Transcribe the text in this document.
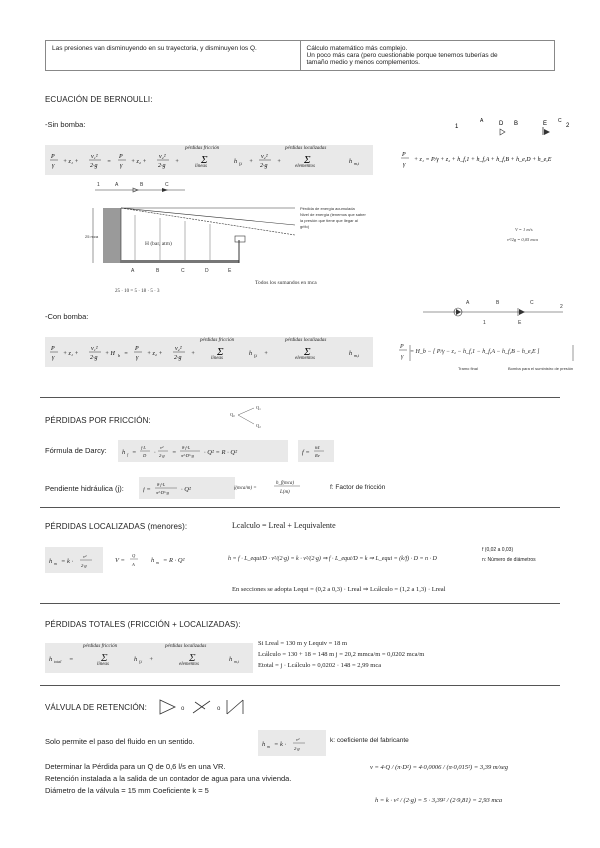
Las presiones van disminuyendo en su trayectoria, y disminuyen los Q.	Cálculo matemático más complejo.
Un poco más cara (pero cuestionable porque tenemos tuberías de
tamaño medio y menos complementos.
ECUACIÓN DE BERNOULLI:
-Sin bomba:	1
A	D B	E C
2
P
γ
+ z₁ +
v₁²
2·g
=
P
γ
+ z₂ +
v₂²
2·g
+ Σ	h f,i +
v₂²
2·g
+ Σ	h m,i
pérdidas fricción
líneas
pérdidas localizadas
elementos
P
γ
+ z₁ = P/γ + z₂ + h_f,1 + h_f,A + h_f,B + h_e,D + h_e,E
1	A	B	C
25 mca
A	B	C	D	E
Pérdida de energía acumulada
Nivel de energía (tenemos que saber
la presión que tiene que llegar al
grifo)
H (bar, atm)
25 · 10 = 5 · 18 · 5 · 3
Todos los sumandos en mca
V = 1 m/s
v²/2g = 0,05 mca
-Con bomba:
A	B	C
2
1	E
P
γ
+ z₁ +
v₁²
2·g
+ H b =
P
γ
+ z₂ +
v₂²
2·g
+ Σ	h f,i +	Σ	h m,i
pérdidas fricción
líneas
pérdidas localizadas
elementos
P
γ
= H_b − [ P/γ − z₂ − h_f,1 − h_f,A − h_f,B − h_e,E ]
Tramo final	Bomba para el suministro de presión
PÉRDIDAS POR FRICCIÓN:
Q₀
Q₁
Q₂
Fórmula de Darcy: h f =
f·L
D ·
v²
2·g =
8·f·L
π²·D⁵·g · Q² = R · Q²	f =
64
Re
Pendiente hidráulica (j):	j =
8·f·L
π²·D⁵·g · Q²	j(mca/m) =
h_f(mca)
L(m)
f: Factor de fricción
PÉRDIDAS LOCALIZADAS (menores):	Lcalculo = Lreal + Lequivalente
h m = k ·
v²
2·g
V =
Q
A
h m = R · Q²	h = f · L_equi/D · v²/(2·g) = k · v²/(2·g) ⇒ f · L_equi/D = k ⇒ L_equi = (k/f) · D = n · D
f (0,02 a 0,03)
n: Número de diámetros
En secciones se adopta Lequi = (0,2 a 0,3) · Lreal ⇒ Lcálculo = (1,2 a 1,3) · Lreal
PÉRDIDAS TOTALES (FRICCIÓN + LOCALIZADAS):
h total =	Σ	h f,i +	Σ	h m,i
pérdidas fricción
líneas
pérdidas localizadas
elementos
Si Lreal = 130 m y Lequiv = 18 m
Lcálculo = 130 + 18 = 148 m j = 20,2 mmca/m = 0,0202 mca/m
Etotal = j · Lcálculo = 0,0202 · 148 = 2,99 mca
VÁLVULA DE RETENCIÓN:	o	o
Solo permite el paso del fluido en un sentido.	h m = k ·
v²
2·g
k: coeficiente del fabricante
Determinar la Pérdida para un Q de 0,6 l/s en una VR.
Retención instalada a la salida de un contador de agua para una vivienda.
Diámetro de la válvula = 15 mm Coeficiente k = 5
v = 4·Q / (π·D²) = 4·0,0006 / (π·0,015²) = 3,39 m/seg
h = k · v² / (2·g) = 5 · 3,39² / (2·9,81) = 2,93 mca
